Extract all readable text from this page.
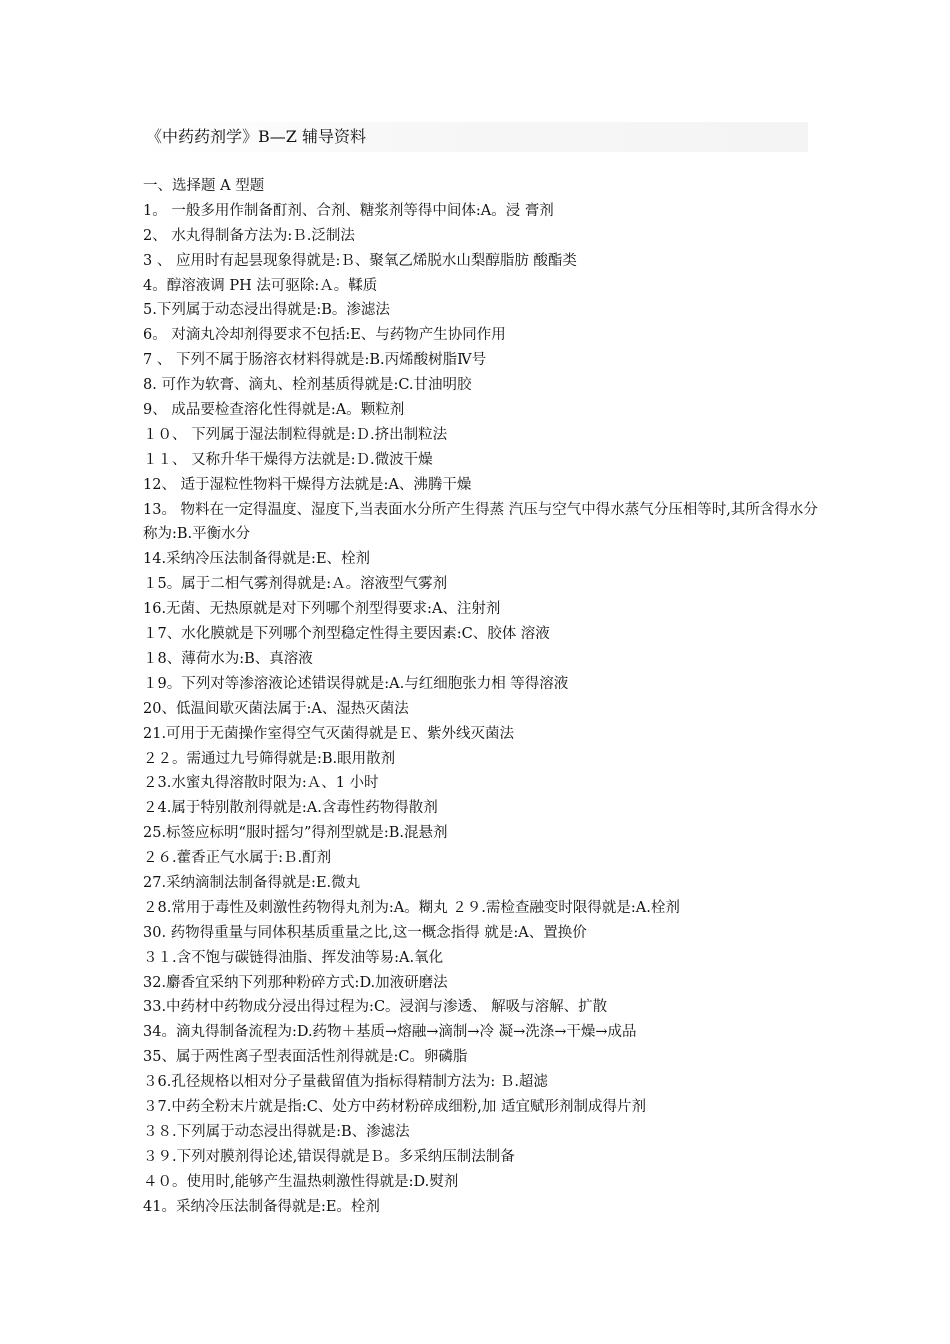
《中药药剂学》B—Z 辅导资料
一、选择题 A 型题
1。 一般多用作制备酊剂、合剂、糖浆剂等得中间体:A。浸 膏剂
2、 水丸得制备方法为:Ｂ.泛制法
3 、 应用时有起昙现象得就是:Ｂ、聚氧乙烯脱水山梨醇脂肪 酸酯类
4。醇溶液调 PH 法可驱除:Ａ。鞣质
5.下列属于动态浸出得就是:B。渗滤法
6。 对滴丸冷却剂得要求不包括:E、与药物产生协同作用
7 、 下列不属于肠溶衣材料得就是:B.丙烯酸树脂Ⅳ号
8. 可作为软膏、滴丸、栓剂基质得就是:C.甘油明胶
9、 成品要检查溶化性得就是:A。颗粒剂
１０、 下列属于湿法制粒得就是:Ｄ.挤出制粒法
１１、 又称升华干燥得方法就是:Ｄ.微波干燥
12、 适于湿粒性物料干燥得方法就是:A、沸腾干燥
13。 物料在一定得温度、湿度下,当表面水分所产生得蒸 汽压与空气中得水蒸气分压相等时,其所含得水分称为:B.平衡水分
14.采纳冷压法制备得就是:E、栓剂
１5。属于二相气雾剂得就是:Ａ。溶液型气雾剂
16.无菌、无热原就是对下列哪个剂型得要求:A、注射剂
１7、水化膜就是下列哪个剂型稳定性得主要因素:C、胶体 溶液
１8、薄荷水为:B、真溶液
１9。下列对等渗溶液论述错误得就是:A.与红细胞张力相 等得溶液
20、低温间歇灭菌法属于:A、湿热灭菌法
21.可用于无菌操作室得空气灭菌得就是Ｅ、紫外线灭菌法
２２。需通过九号筛得就是:B.眼用散剂
２3.水蜜丸得溶散时限为:Ａ、1 小时
２4.属于特别散剂得就是:A.含毒性药物得散剂
25.标签应标明“服时摇匀”得剂型就是:B.混悬剂
２６.藿香正气水属于:Ｂ.酊剂
27.采纳滴制法制备得就是:E.微丸
２8.常用于毒性及刺激性药物得丸剂为:A。糊丸 ２９.需检查融变时限得就是:A.栓剂
30. 药物得重量与同体积基质重量之比,这一概念指得 就是:A、置换价
３１.含不饱与碳链得油脂、挥发油等易:A.氧化
32.麝香宜采纳下列那种粉碎方式:D.加液研磨法
33.中药材中药物成分浸出得过程为:C。浸润与渗透、 解吸与溶解、扩散
34。滴丸得制备流程为:D.药物＋基质→熔融→滴制→冷 凝→洗涤→干燥→成品
35、属于两性离子型表面活性剂得就是:C。卵磷脂
３6.孔径规格以相对分子量截留值为指标得精制方法为: Ｂ.超滤
３7.中药全粉末片就是指:C、处方中药材粉碎成细粉,加 适宜赋形剂制成得片剂
３８.下列属于动态浸出得就是:B、渗滤法
３９.下列对膜剂得论述,错误得就是Ｂ。多采纳压制法制备
４０。使用时,能够产生温热刺激性得就是:D.熨剂
41。采纳冷压法制备得就是:E。栓剂
